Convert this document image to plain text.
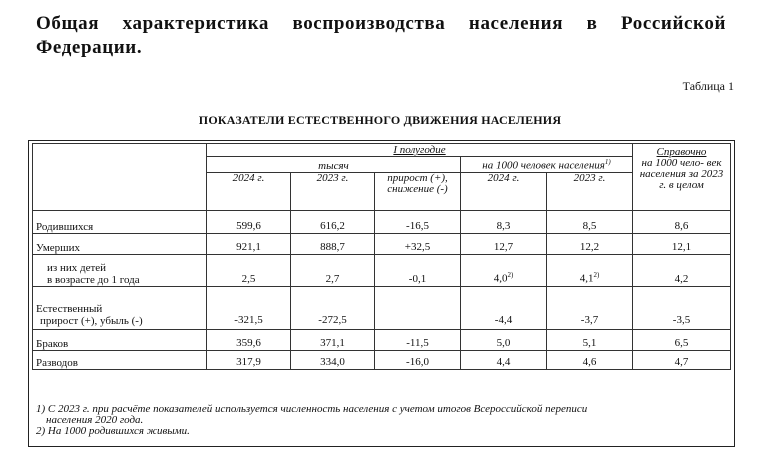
Общая характеристика воспроизводства населения в Российской Федерации.
Таблица 1
ПОКАЗАТЕЛИ ЕСТЕСТВЕННОГО ДВИЖЕНИЯ НАСЕЛЕНИЯ
	I полугодие					Справочно
на 1000 чело- век населения за 2023 г. в целом

	тысяч			на 1000 человек населения$^{1)}$
	2024 г.	2023 г.	прирост (+), снижение (-)	2024 г.	2023 г.	
Родившихся	599,6	616,2	-16,5	8,3	8,5	8,6
Умерших	921,1	888,7	+32,5	12,7	12,2	12,1

из них детей
в возрасте до 1 года	2,5	2,7	-0,1	4,0$^{2)}$	4,1$^{2)}$	4,2

Естественный
прирост (+), убыль (-)	-321,5	-272,5		-4,4	-3,7	-3,5
Браков	359,6	371,1	-11,5	5,0	5,1	6,5
Разводов	317,9	334,0	-16,0	4,4	4,6	4,7
1) С 2023 г. при расчёте показателей используется численность населения с учетом итогов Всероссийской переписи
населения 2020 года.
2) На 1000 родившихся живыми.
